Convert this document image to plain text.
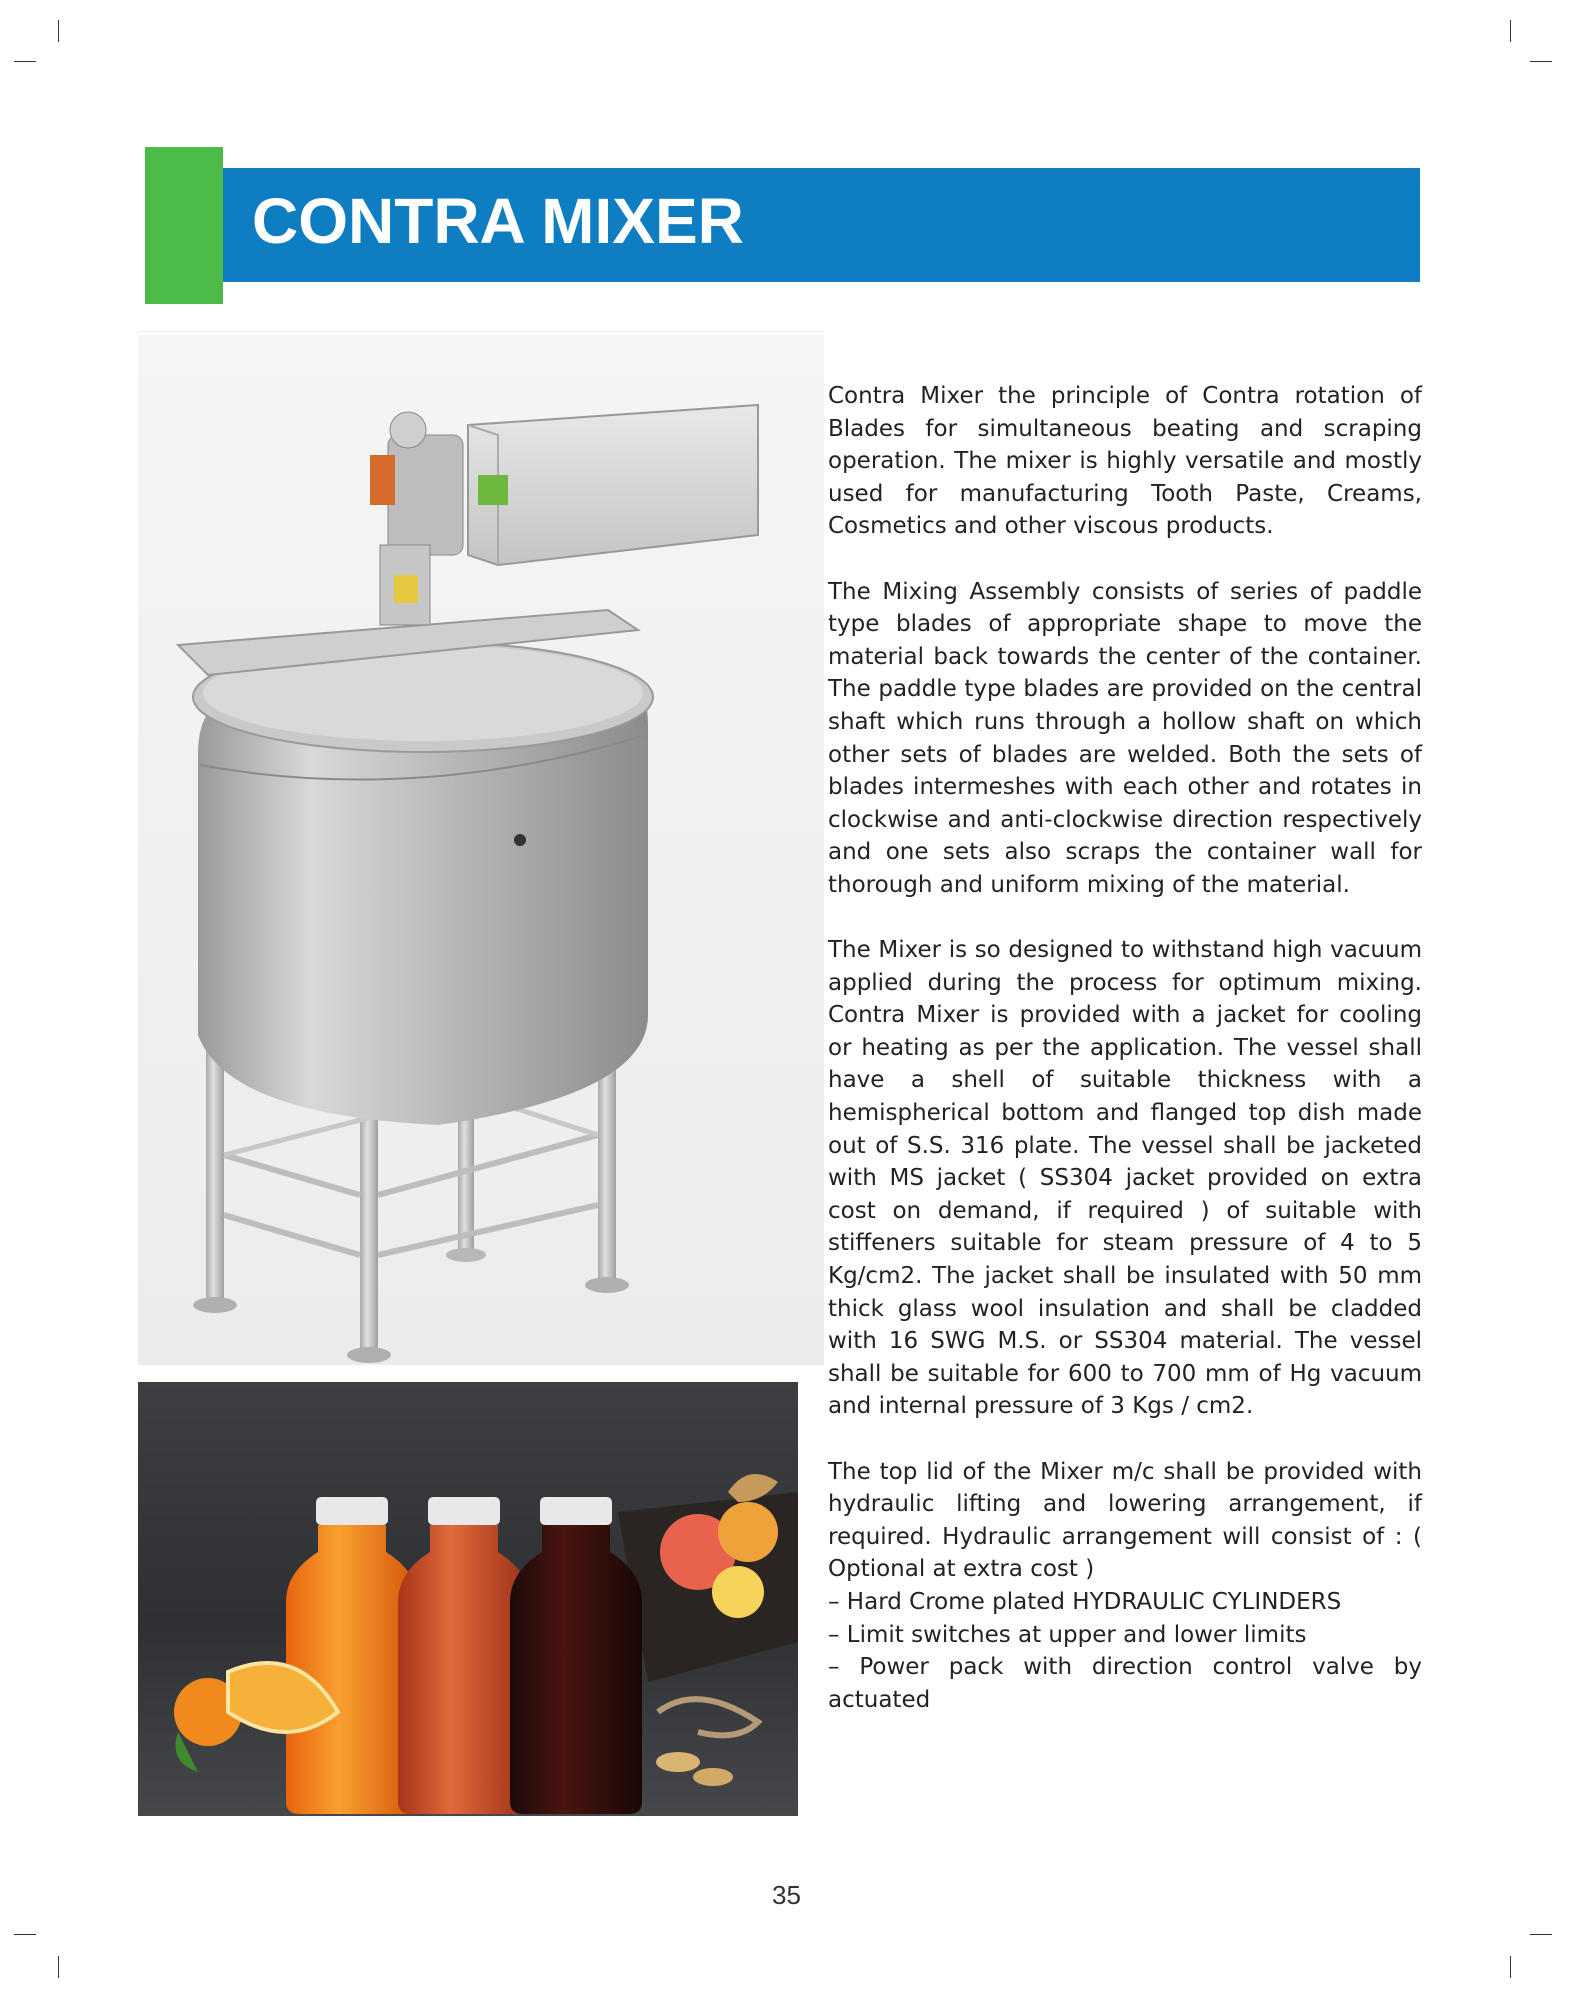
CONTRA MIXER

Contra Mixer the principle of Contra rotation of Blades for simultaneous beating and scraping operation. The mixer is highly versatile and mostly used for manufacturing Tooth Paste, Creams, Cosmetics and other viscous products.

The Mixing Assembly consists of series of paddle type blades of appropriate shape to move the material back towards the center of the container. The paddle type blades are provided on the central shaft which runs through a hollow shaft on which other sets of blades are welded. Both the sets of blades intermeshes with each other and rotates in clockwise and anti-clockwise direction respectively and one sets also scraps the container wall for thorough and uniform mixing of the material.

The Mixer is so designed to withstand high vacuum applied during the process for optimum mixing. Contra Mixer is provided with a jacket for cooling or heating as per the application. The vessel shall have a shell of suitable thickness with a hemispherical bottom and flanged top dish made out of S.S. 316 plate. The vessel shall be jacketed with MS jacket ( SS304 jacket provided on extra cost on demand, if required ) of suitable with stiffeners suitable for steam pressure of 4 to 5 Kg/cm2. The jacket shall be insulated with 50 mm thick glass wool insulation and shall be cladded with 16 SWG M.S. or SS304 material. The vessel shall be suitable for 600 to 700 mm of Hg vacuum and internal pressure of 3 Kgs / cm2.

The top lid of the Mixer m/c shall be provided with hydraulic lifting and lowering arrangement, if required. Hydraulic arrangement will consist of : ( Optional at extra cost )

– Hard Crome plated HYDRAULIC CYLINDERS

– Limit switches at upper and lower limits

– Power pack with direction control valve by actuated

35
